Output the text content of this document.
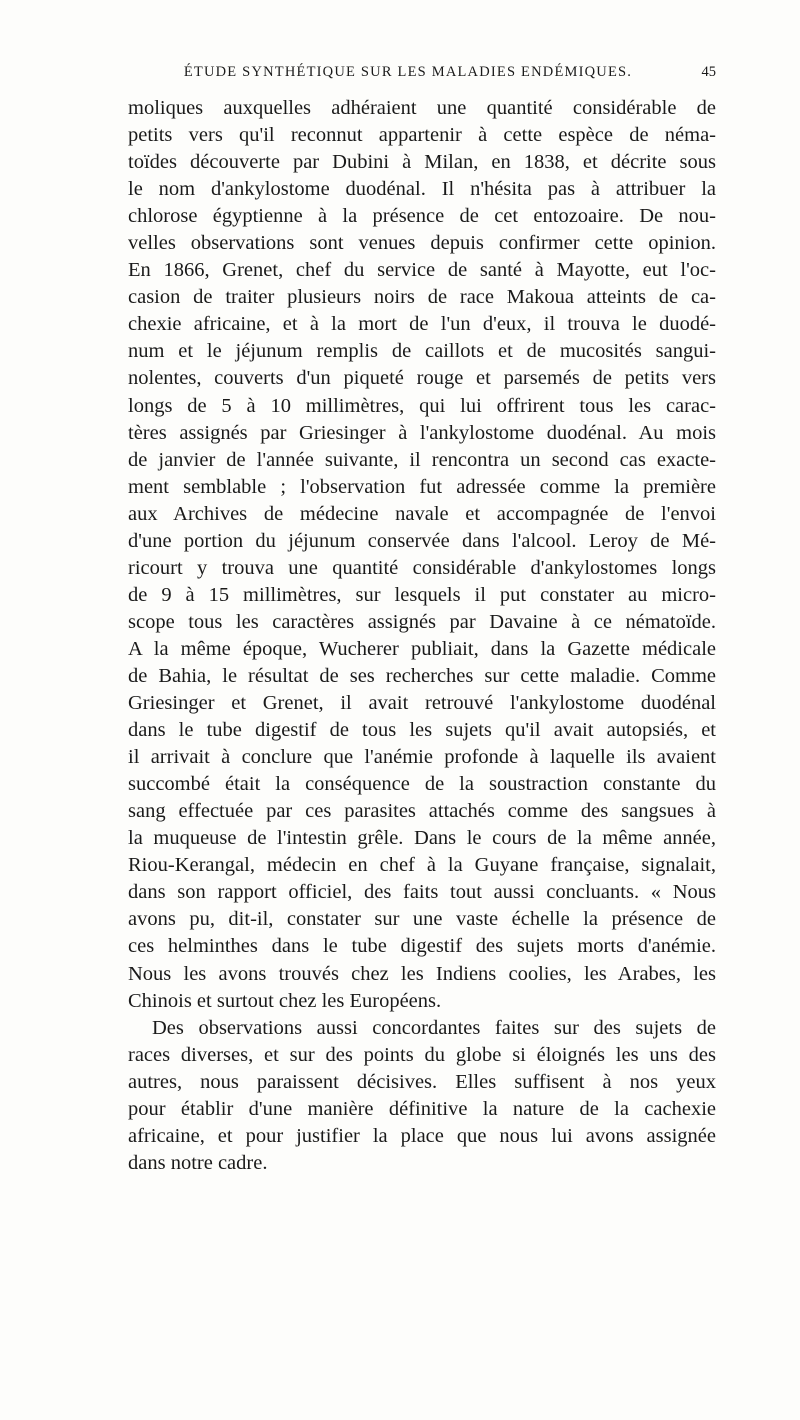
ÉTUDE SYNTHÉTIQUE SUR LES MALADIES ENDÉMIQUES.	45
moliques auxquelles adhéraient une quantité considérable de
petits vers qu'il reconnut appartenir à cette espèce de néma-
toïdes découverte par Dubini à Milan, en 1838, et décrite sous
le nom d'ankylostome duodénal. Il n'hésita pas à attribuer la
chlorose égyptienne à la présence de cet entozoaire. De nou-
velles observations sont venues depuis confirmer cette opinion.
En 1866, Grenet, chef du service de santé à Mayotte, eut l'oc-
casion de traiter plusieurs noirs de race Makoua atteints de ca-
chexie africaine, et à la mort de l'un d'eux, il trouva le duodé-
num et le jéjunum remplis de caillots et de mucosités sangui-
nolentes, couverts d'un piqueté rouge et parsemés de petits vers
longs de 5 à 10 millimètres, qui lui offrirent tous les carac-
tères assignés par Griesinger à l'ankylostome duodénal. Au mois
de janvier de l'année suivante, il rencontra un second cas exacte-
ment semblable ; l'observation fut adressée comme la première
aux Archives de médecine navale et accompagnée de l'envoi
d'une portion du jéjunum conservée dans l'alcool. Leroy de Mé-
ricourt y trouva une quantité considérable d'ankylostomes longs
de 9 à 15 millimètres, sur lesquels il put constater au micro-
scope tous les caractères assignés par Davaine à ce nématoïde.
A la même époque, Wucherer publiait, dans la Gazette médicale
de Bahia, le résultat de ses recherches sur cette maladie. Comme
Griesinger et Grenet, il avait retrouvé l'ankylostome duodénal
dans le tube digestif de tous les sujets qu'il avait autopsiés, et
il arrivait à conclure que l'anémie profonde à laquelle ils avaient
succombé était la conséquence de la soustraction constante du
sang effectuée par ces parasites attachés comme des sangsues à
la muqueuse de l'intestin grêle. Dans le cours de la même année,
Riou-Kerangal, médecin en chef à la Guyane française, signalait,
dans son rapport officiel, des faits tout aussi concluants. « Nous
avons pu, dit-il, constater sur une vaste échelle la présence de
ces helminthes dans le tube digestif des sujets morts d'anémie.
Nous les avons trouvés chez les Indiens coolies, les Arabes, les
Chinois et surtout chez les Européens.
Des observations aussi concordantes faites sur des sujets de
races diverses, et sur des points du globe si éloignés les uns des
autres, nous paraissent décisives. Elles suffisent à nos yeux
pour établir d'une manière définitive la nature de la cachexie
africaine, et pour justifier la place que nous lui avons assignée
dans notre cadre.
